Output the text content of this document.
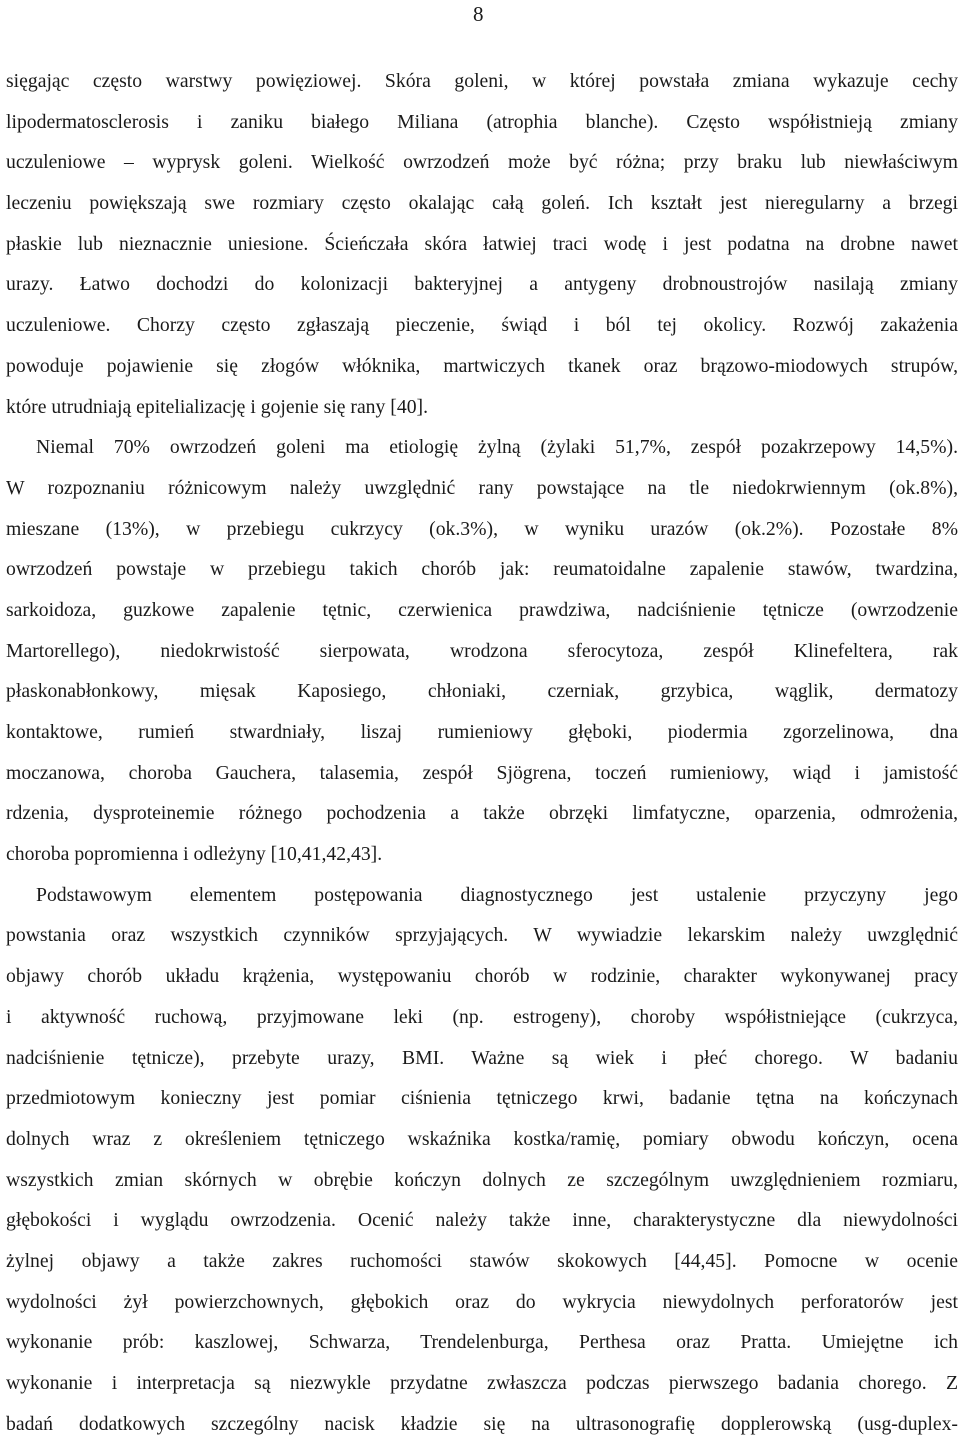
8
sięgając często warstwy powięziowej. Skóra goleni, w której powstała zmiana wykazuje cechy
lipodermatosclerosis i zaniku białego Miliana (atrophia blanche). Często współistnieją zmiany
uczuleniowe – wyprysk goleni. Wielkość owrzodzeń może być różna; przy braku lub niewłaściwym
leczeniu powiększają swe rozmiary często okalając całą goleń. Ich kształt jest nieregularny a brzegi
płaskie lub nieznacznie uniesione. Ścieńczała skóra łatwiej traci wodę i jest podatna na drobne nawet
urazy. Łatwo dochodzi do kolonizacji bakteryjnej a antygeny drobnoustrojów nasilają zmiany
uczuleniowe. Chorzy często zgłaszają pieczenie, świąd i ból tej okolicy. Rozwój zakażenia
powoduje pojawienie się złogów włóknika, martwiczych tkanek oraz brązowo-miodowych strupów,
które utrudniają epitelializację i gojenie się rany [40].
Niemal 70% owrzodzeń goleni ma etiologię żylną (żylaki 51,7%, zespół pozakrzepowy 14,5%).
W rozpoznaniu różnicowym należy uwzględnić rany powstające na tle niedokrwiennym (ok.8%),
mieszane (13%), w przebiegu cukrzycy (ok.3%), w wyniku urazów (ok.2%). Pozostałe 8%
owrzodzeń powstaje w przebiegu takich chorób jak: reumatoidalne zapalenie stawów, twardzina,
sarkoidoza, guzkowe zapalenie tętnic, czerwienica prawdziwa, nadciśnienie tętnicze (owrzodzenie
Martorellego), niedokrwistość sierpowata, wrodzona sferocytoza, zespół Klinefeltera, rak
płaskonabłonkowy, mięsak Kaposiego, chłoniaki, czerniak, grzybica, wąglik, dermatozy
kontaktowe, rumień stwardniały, liszaj rumieniowy głęboki, piodermia zgorzelinowa, dna
moczanowa, choroba Gauchera, talasemia, zespół Sjögrena, toczeń rumieniowy, wiąd i jamistość
rdzenia, dysproteinemie różnego pochodzenia a także obrzęki limfatyczne, oparzenia, odmrożenia,
choroba popromienna i odleżyny [10,41,42,43].
Podstawowym elementem postępowania diagnostycznego jest ustalenie przyczyny jego
powstania oraz wszystkich czynników sprzyjających. W wywiadzie lekarskim należy uwzględnić
objawy chorób układu krążenia, występowaniu chorób w rodzinie, charakter wykonywanej pracy
i aktywność ruchową, przyjmowane leki (np. estrogeny), choroby współistniejące (cukrzyca,
nadciśnienie tętnicze), przebyte urazy, BMI. Ważne są wiek i płeć chorego. W badaniu
przedmiotowym konieczny jest pomiar ciśnienia tętniczego krwi, badanie tętna na kończynach
dolnych wraz z określeniem tętniczego wskaźnika kostka/ramię, pomiary obwodu kończyn, ocena
wszystkich zmian skórnych w obrębie kończyn dolnych ze szczególnym uwzględnieniem rozmiaru,
głębokości i wyglądu owrzodzenia. Ocenić należy także inne, charakterystyczne dla niewydolności
żylnej objawy a także zakres ruchomości stawów skokowych [44,45]. Pomocne w ocenie
wydolności żył powierzchownych, głębokich oraz do wykrycia niewydolnych perforatorów jest
wykonanie prób: kaszlowej, Schwarza, Trendelenburga, Perthesa oraz Pratta. Umiejętne ich
wykonanie i interpretacja są niezwykle przydatne zwłaszcza podczas pierwszego badania chorego. Z
badań dodatkowych szczególny nacisk kładzie się na ultrasonografię dopplerowską (usg-duplex-
